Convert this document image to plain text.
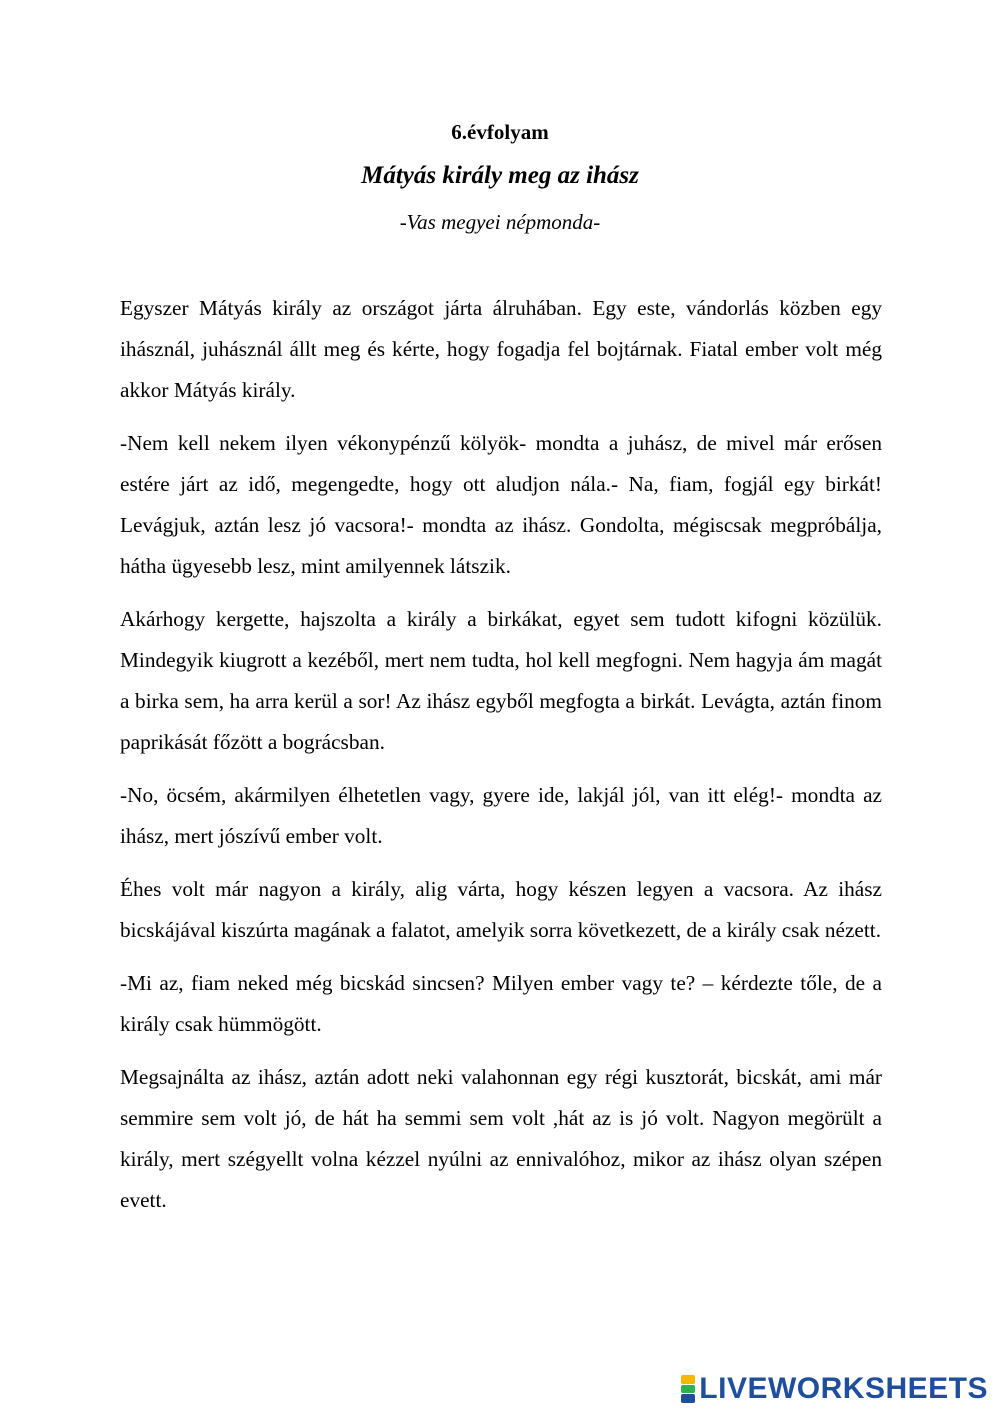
6.évfolyam
Mátyás király meg az ihász
-Vas megyei népmonda-

Egyszer Mátyás király az országot járta álruhában. Egy este, vándorlás közben egy ihásznál, juhásznál állt meg és kérte, hogy fogadja fel bojtárnak. Fiatal ember volt még akkor Mátyás király.

-Nem kell nekem ilyen vékonypénzű kölyök- mondta a juhász, de mivel már erősen estére járt az idő, megengedte, hogy ott aludjon nála.- Na, fiam, fogjál egy birkát! Levágjuk, aztán lesz jó vacsora!- mondta az ihász. Gondolta, mégiscsak megpróbálja, hátha ügyesebb lesz, mint amilyennek látszik.

Akárhogy kergette, hajszolta a király a birkákat, egyet sem tudott kifogni közülük. Mindegyik kiugrott a kezéből, mert nem tudta, hol kell megfogni. Nem hagyja ám magát a birka sem, ha arra kerül a sor! Az ihász egyből megfogta a birkát. Levágta, aztán finom paprikását főzött a bográcsban.

-No, öcsém, akármilyen élhetetlen vagy, gyere ide, lakjál jól, van itt elég!- mondta az ihász, mert jószívű ember volt.

Éhes volt már nagyon a király, alig várta, hogy készen legyen a vacsora. Az ihász bicskájával kiszúrta magának a falatot, amelyik sorra következett, de a király csak nézett.

-Mi az, fiam neked még bicskád sincsen? Milyen ember vagy te? – kérdezte tőle, de a király csak hümmögött.

Megsajnálta az ihász, aztán adott neki valahonnan egy régi kusztorát, bicskát, ami már semmire sem volt jó, de hát ha semmi sem volt ,hát az is jó volt. Nagyon megörült a király, mert szégyellt volna kézzel nyúlni az ennivalóhoz, mikor az ihász olyan szépen evett.

LIVEWORKSHEETS
